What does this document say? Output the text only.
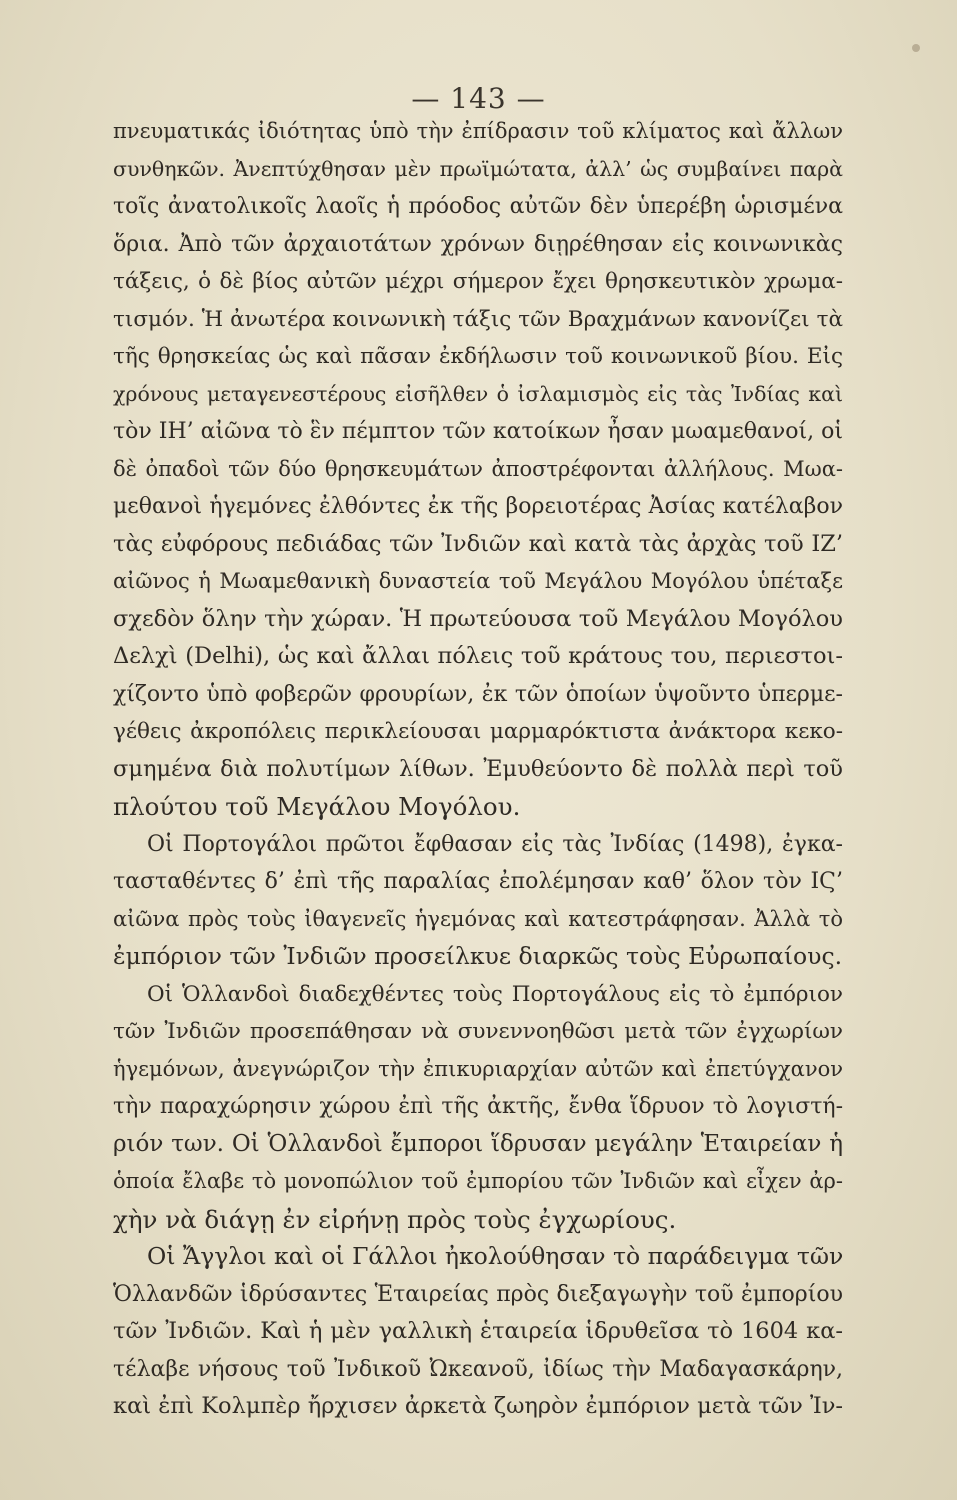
— 143 —
πνευματικάς ἰδιότητας ὑπὸ τὴν ἐπίδρασιν τοῦ κλίματος καὶ ἄλλων
συνθηκῶν. Ἀνεπτύχθησαν μὲν πρωϊμώτατα, ἀλλ’ ὡς συμβαίνει παρὰ
τοῖς ἀνατολικοῖς λαοῖς ἡ πρόοδος αὐτῶν δὲν ὑπερέβη ὡρισμένα
ὅρια. Ἀπὸ τῶν ἀρχαιοτάτων χρόνων διῃρέθησαν εἰς κοινωνικὰς
τάξεις, ὁ δὲ βίος αὐτῶν μέχρι σήμερον ἔχει θρησκευτικὸν χρωμα-
τισμόν. Ἡ ἀνωτέρα κοινωνικὴ τάξις τῶν Βραχμάνων κανονίζει τὰ
τῆς θρησκείας ὡς καὶ πᾶσαν ἐκδήλωσιν τοῦ κοινωνικοῦ βίου. Εἰς
χρόνους μεταγενεστέρους εἰσῆλθεν ὁ ἰσλαμισμὸς εἰς τὰς Ἰνδίας καὶ
τὸν ΙΗ’ αἰῶνα τὸ ἓν πέμπτον τῶν κατοίκων ἦσαν μωαμεθανοί, οἱ
δὲ ὀπαδοὶ τῶν δύο θρησκευμάτων ἀποστρέφονται ἀλλήλους. Μωα-
μεθανοὶ ἡγεμόνες ἐλθόντες ἐκ τῆς βορειοτέρας Ἀσίας κατέλαβον
τὰς εὐφόρους πεδιάδας τῶν Ἰνδιῶν καὶ κατὰ τὰς ἀρχὰς τοῦ ΙΖ’
αἰῶνος ἡ Μωαμεθανικὴ δυναστεία τοῦ Μεγάλου Μογόλου ὑπέταξε
σχεδὸν ὅλην τὴν χώραν. Ἡ πρωτεύουσα τοῦ Μεγάλου Μογόλου
Δελχὶ (Delhi), ὡς καὶ ἄλλαι πόλεις τοῦ κράτους του, περιεστοι-
χίζοντο ὑπὸ φοβερῶν φρουρίων, ἐκ τῶν ὁποίων ὑψοῦντο ὑπερμε-
γέθεις ἀκροπόλεις περικλείουσαι μαρμαρόκτιστα ἀνάκτορα κεκο-
σμημένα διὰ πολυτίμων λίθων. Ἐμυθεύοντο δὲ πολλὰ περὶ τοῦ
πλούτου τοῦ Μεγάλου Μογόλου.
Οἱ Πορτογάλοι πρῶτοι ἔφθασαν εἰς τὰς Ἰνδίας (1498), ἐγκα-
τασταθέντες δ’ ἐπὶ τῆς παραλίας ἐπολέμησαν καθ’ ὅλον τὸν ΙϚ’
αἰῶνα πρὸς τοὺς ἰθαγενεῖς ἡγεμόνας καὶ κατεστράφησαν. Ἀλλὰ τὸ
ἐμπόριον τῶν Ἰνδιῶν προσείλκυε διαρκῶς τοὺς Εὐρωπαίους.
Οἱ Ὁλλανδοὶ διαδεχθέντες τοὺς Πορτογάλους εἰς τὸ ἐμπόριον
τῶν Ἰνδιῶν προσεπάθησαν νὰ συνεννοηθῶσι μετὰ τῶν ἐγχωρίων
ἡγεμόνων, ἀνεγνώριζον τὴν ἐπικυριαρχίαν αὐτῶν καὶ ἐπετύγχανον
τὴν παραχώρησιν χώρου ἐπὶ τῆς ἀκτῆς, ἔνθα ἵδρυον τὸ λογιστή-
ριόν των. Οἱ Ὁλλανδοὶ ἔμποροι ἵδρυσαν μεγάλην Ἑταιρείαν ἡ
ὁποία ἔλαβε τὸ μονοπώλιον τοῦ ἐμπορίου τῶν Ἰνδιῶν καὶ εἶχεν ἀρ-
χὴν νὰ διάγῃ ἐν εἰρήνῃ πρὸς τοὺς ἐγχωρίους.
Οἱ Ἄγγλοι καὶ οἱ Γάλλοι ἠκολούθησαν τὸ παράδειγμα τῶν
Ὁλλανδῶν ἱδρύσαντες Ἑταιρείας πρὸς διεξαγωγὴν τοῦ ἐμπορίου
τῶν Ἰνδιῶν. Καὶ ἡ μὲν γαλλικὴ ἑταιρεία ἱδρυθεῖσα τὸ 1604 κα-
τέλαβε νήσους τοῦ Ἰνδικοῦ Ὠκεανοῦ, ἰδίως τὴν Μαδαγασκάρην,
καὶ ἐπὶ Κολμπὲρ ἤρχισεν ἀρκετὰ ζωηρὸν ἐμπόριον μετὰ τῶν Ἰν-
